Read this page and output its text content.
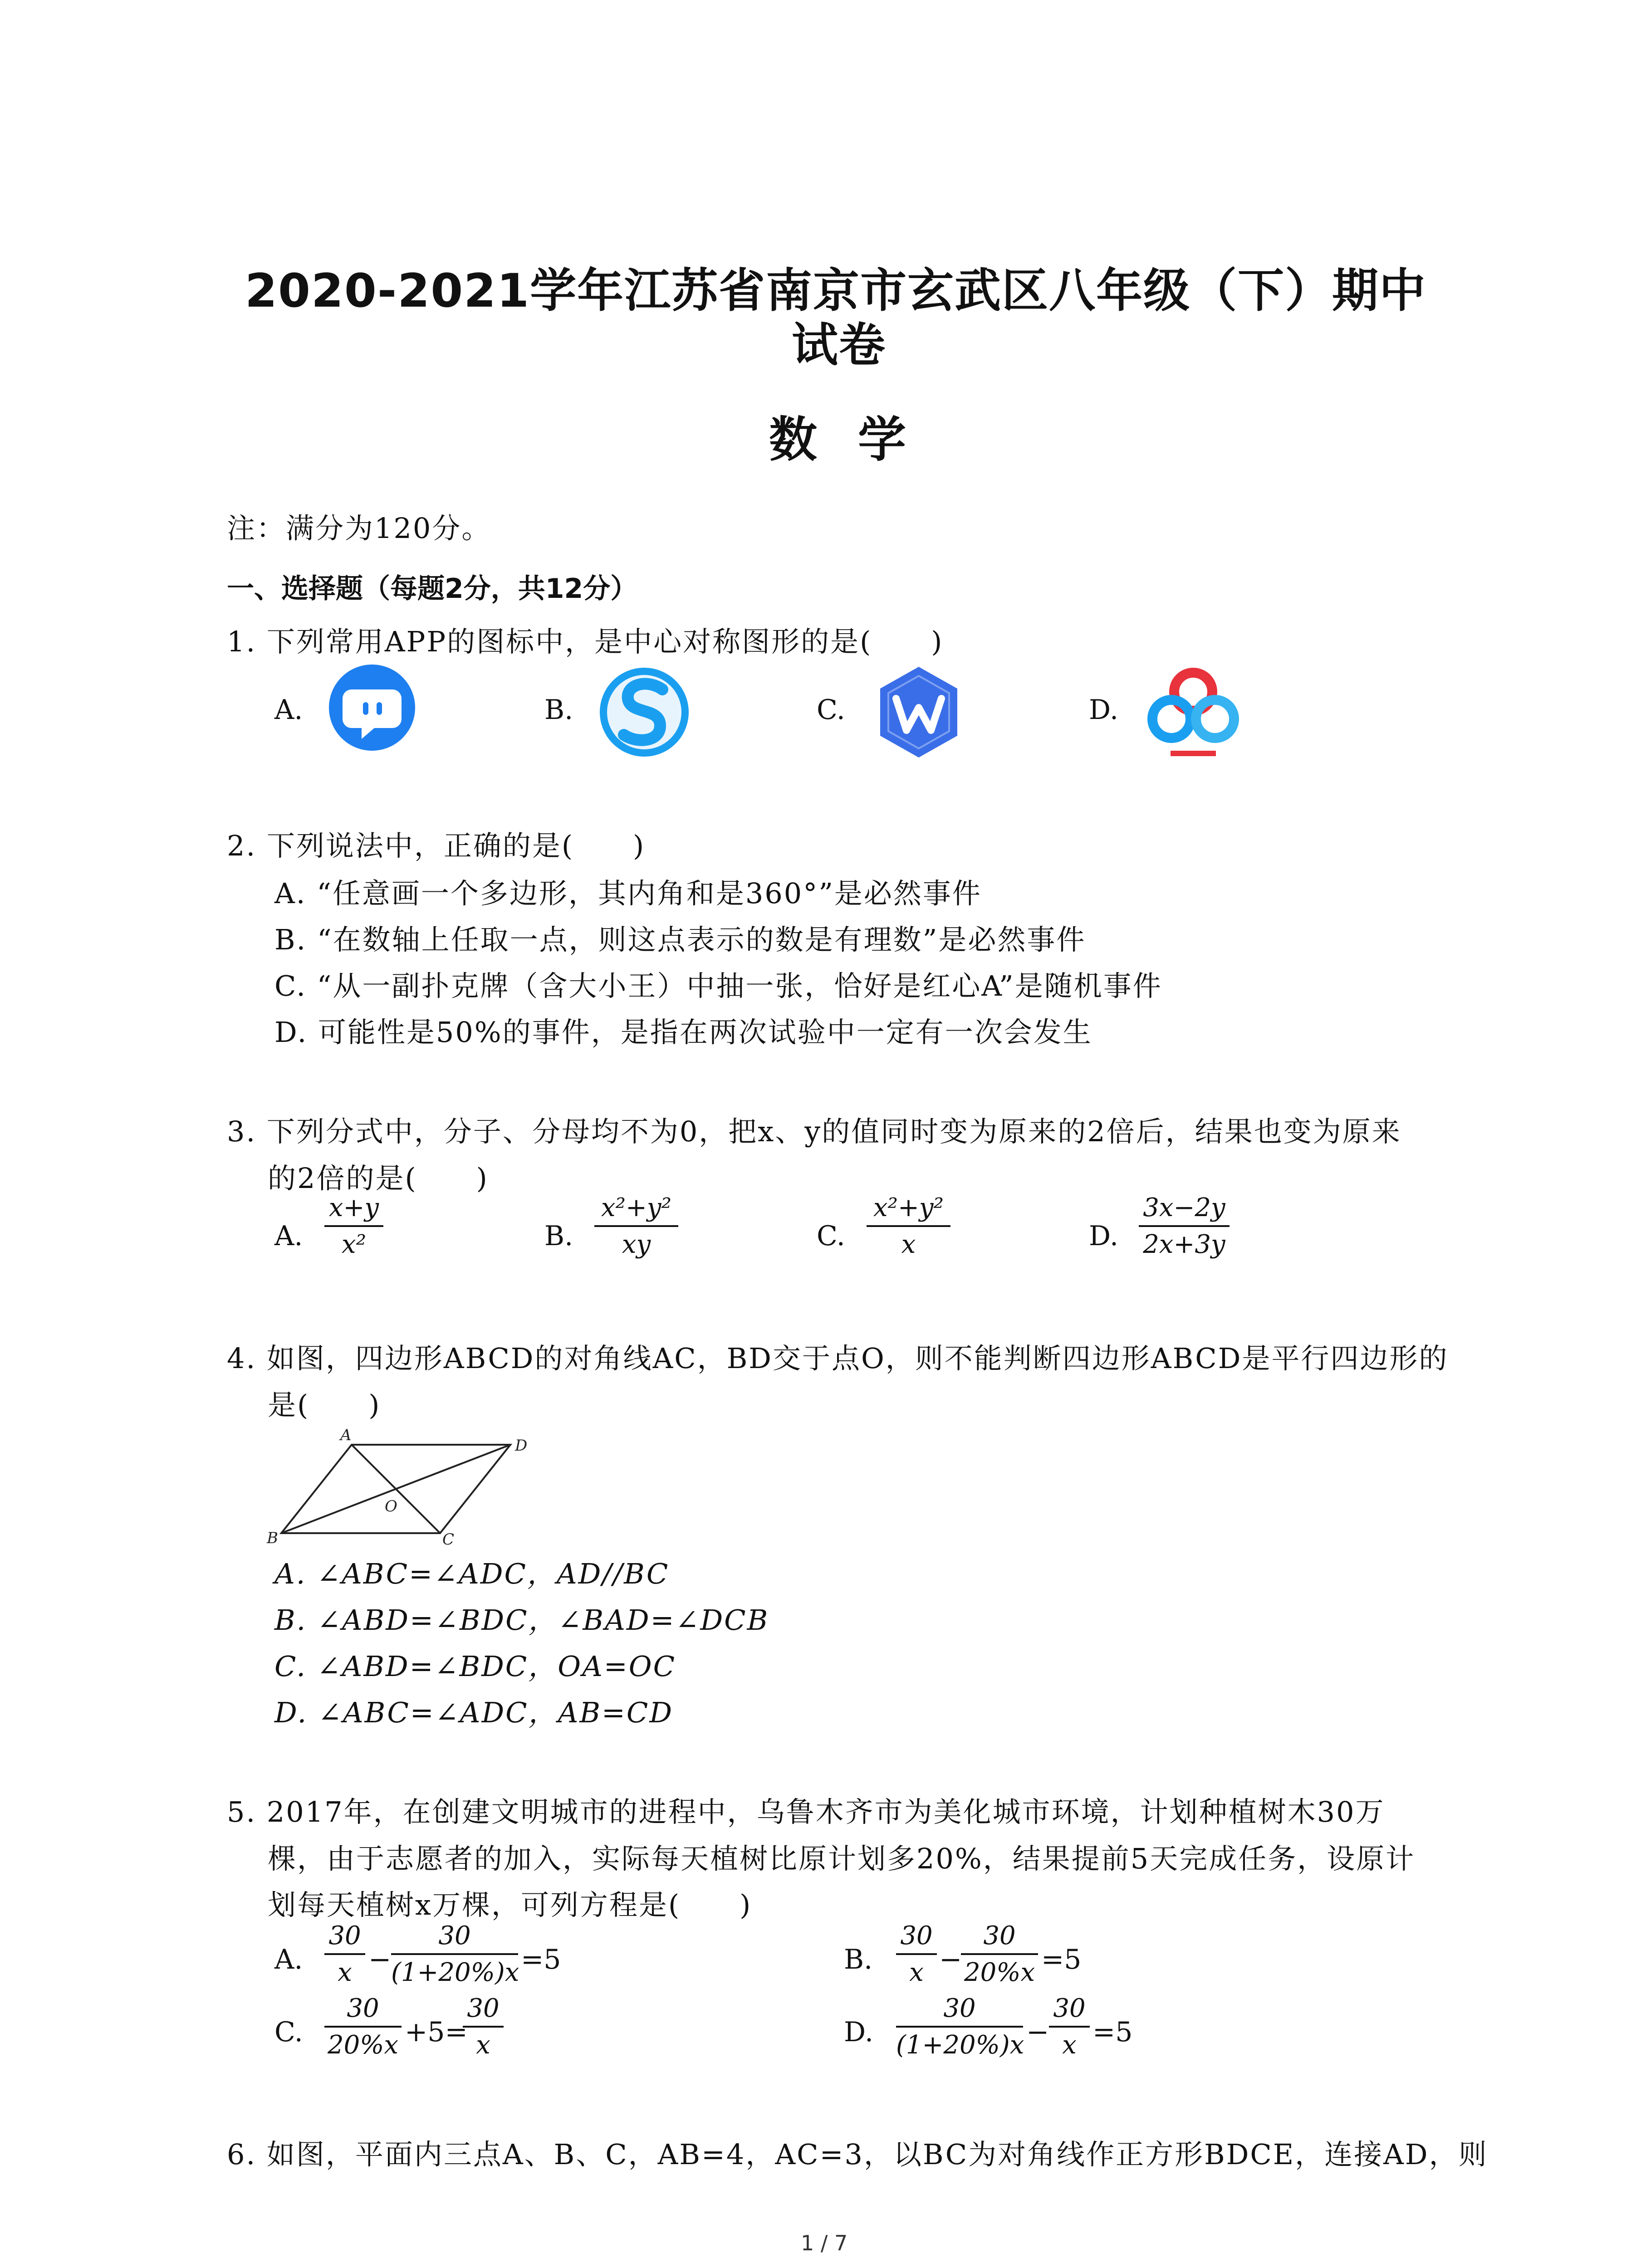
2020-2021学年江苏省南京市玄武区八年级（下）期中
试卷
数学
注：满分为120分。
一、选择题（每题2分，共12分）
1. 下列常用APP的图标中，是中心对称图形的是(　　)
A.	B.	C.	D.
2. 下列说法中，正确的是(　　)
A. “任意画一个多边形，其内角和是360°”是必然事件
B. “在数轴上任取一点，则这点表示的数是有理数”是必然事件
C. “从一副扑克牌（含大小王）中抽一张，恰好是红心A”是随机事件
D. 可能性是50%的事件，是指在两次试验中一定有一次会发生
3. 下列分式中，分子、分母均不为0，把x、y的值同时变为原来的2倍后，结果也变为原来
的2倍的是(　　)
A.
x+y
x²	B.
x²+y²
xy	C.
x²+y²
x	D.
3x−2y
2x+3y
4. 如图，四边形ABCD的对角线AC，BD交于点O，则不能判断四边形ABCD是平行四边形的
是(　　)
A
D
B	C
O
A. ∠ABC=∠ADC，AD//BC
B. ∠ABD=∠BDC，∠BAD=∠DCB
C. ∠ABD=∠BDC，OA=OC
D. ∠ABC=∠ADC，AB=CD
5. 2017年，在创建文明城市的进程中，乌鲁木齐市为美化城市环境，计划种植树木30万
棵，由于志愿者的加入，实际每天植树比原计划多20%，结果提前5天完成任务，设原计
划每天植树x万棵，可列方程是(　　)
A.
30
x −
30
(1+20%)x =5	B.
30
x −
30
20%x =5
C.
30
20%x +5=
30
x	D.
30
(1+20%)x −
30
x =5
6. 如图，平面内三点A、B、C，AB=4，AC=3，以BC为对角线作正方形BDCE，连接AD，则
1 / 7
